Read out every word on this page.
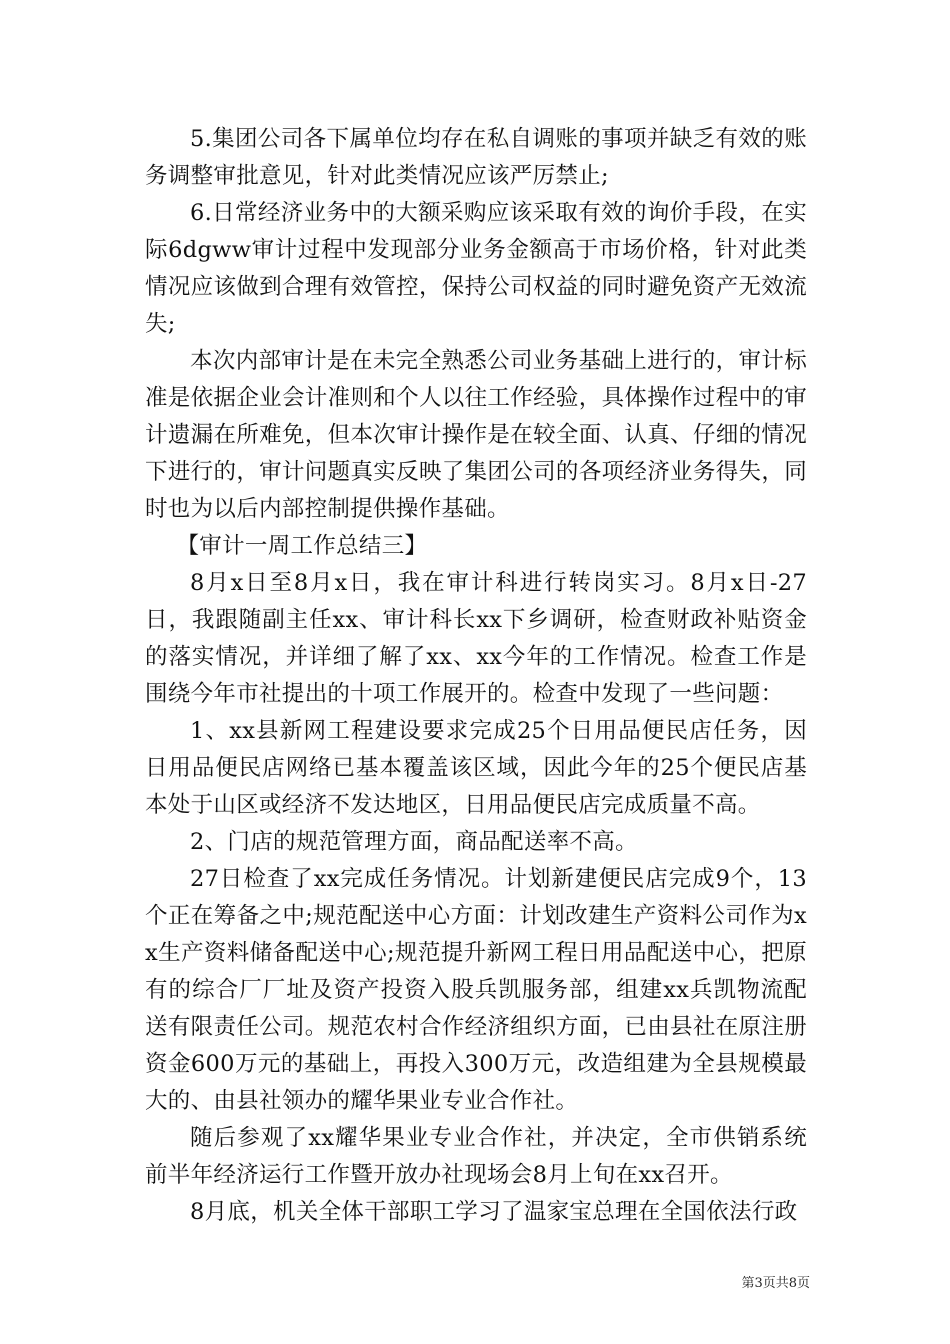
5.集团公司各下属单位均存在私自调账的事项并缺乏有效的账务调整审批意见，针对此类情况应该严厉禁止;

6.日常经济业务中的大额采购应该采取有效的询价手段，在实际6dgww审计过程中发现部分业务金额高于市场价格，针对此类情况应该做到合理有效管控，保持公司权益的同时避免资产无效流失;

本次内部审计是在未完全熟悉公司业务基础上进行的，审计标准是依据企业会计准则和个人以往工作经验，具体操作过程中的审计遗漏在所难免，但本次审计操作是在较全面、认真、仔细的情况下进行的，审计问题真实反映了集团公司的各项经济业务得失，同时也为以后内部控制提供操作基础。

【审计一周工作总结三】

8月x日至8月x日，我在审计科进行转岗实习。8月x日-27日，我跟随副主任xx、审计科长xx下乡调研，检查财政补贴资金的落实情况，并详细了解了xx、xx今年的工作情况。检查工作是围绕今年市社提出的十项工作展开的。检查中发现了一些问题：

1、xx县新网工程建设要求完成25个日用品便民店任务，因日用品便民店网络已基本覆盖该区域，因此今年的25个便民店基本处于山区或经济不发达地区，日用品便民店完成质量不高。

2、门店的规范管理方面，商品配送率不高。

27日检查了xx完成任务情况。计划新建便民店完成9个，13个正在筹备之中;规范配送中心方面：计划改建生产资料公司作为xx生产资料储备配送中心;规范提升新网工程日用品配送中心，把原有的综合厂厂址及资产投资入股兵凯服务部，组建xx兵凯物流配送有限责任公司。规范农村合作经济组织方面，已由县社在原注册资金600万元的基础上，再投入300万元，改造组建为全县规模最大的、由县社领办的耀华果业专业合作社。

随后参观了xx耀华果业专业合作社，并决定，全市供销系统前半年经济运行工作暨开放办社现场会8月上旬在xx召开。

8月底，机关全体干部职工学习了温家宝总理在全国依法行政

第3页共8页
